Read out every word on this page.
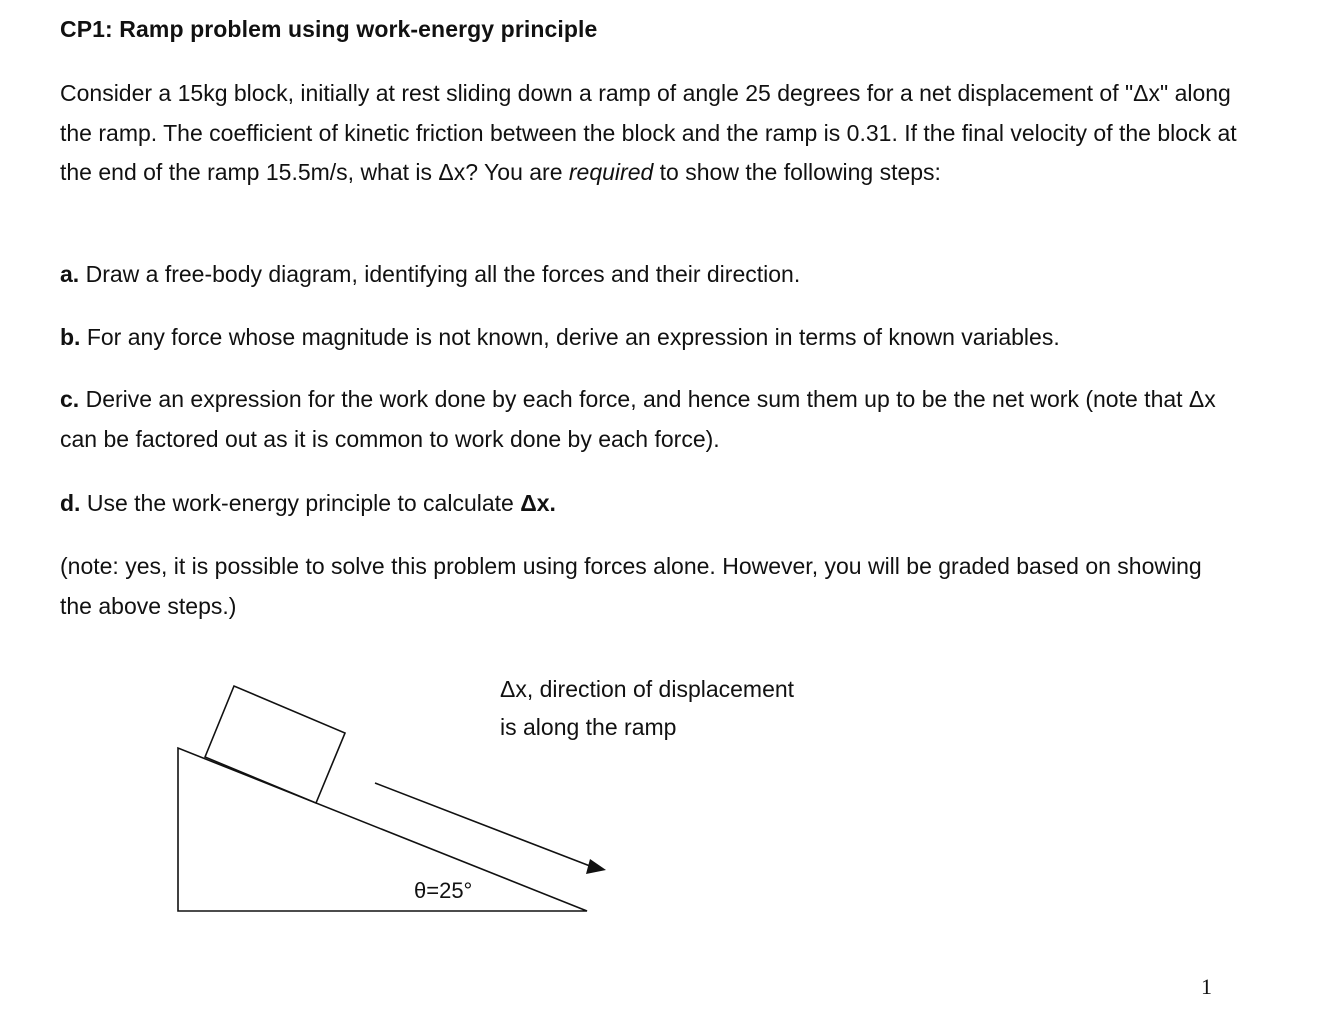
CP1: Ramp problem using work-energy principle
Consider a 15kg block, initially at rest sliding down a ramp of angle 25 degrees for a net displacement of "Δx" along the ramp. The coefficient of kinetic friction between the block and the ramp is 0.31. If the final velocity of the block at the end of the ramp 15.5m/s, what is Δx? You are required to show the following steps:
a. Draw a free-body diagram, identifying all the forces and their direction.
b. For any force whose magnitude is not known, derive an expression in terms of known variables.
c. Derive an expression for the work done by each force, and hence sum them up to be the net work (note that Δx can be factored out as it is common to work done by each force).
d. Use the work-energy principle to calculate Δx.
(note: yes, it is possible to solve this problem using forces alone. However, you will be graded based on showing the above steps.)
Δx, direction of displacement is along the ramp
θ=25°
1
